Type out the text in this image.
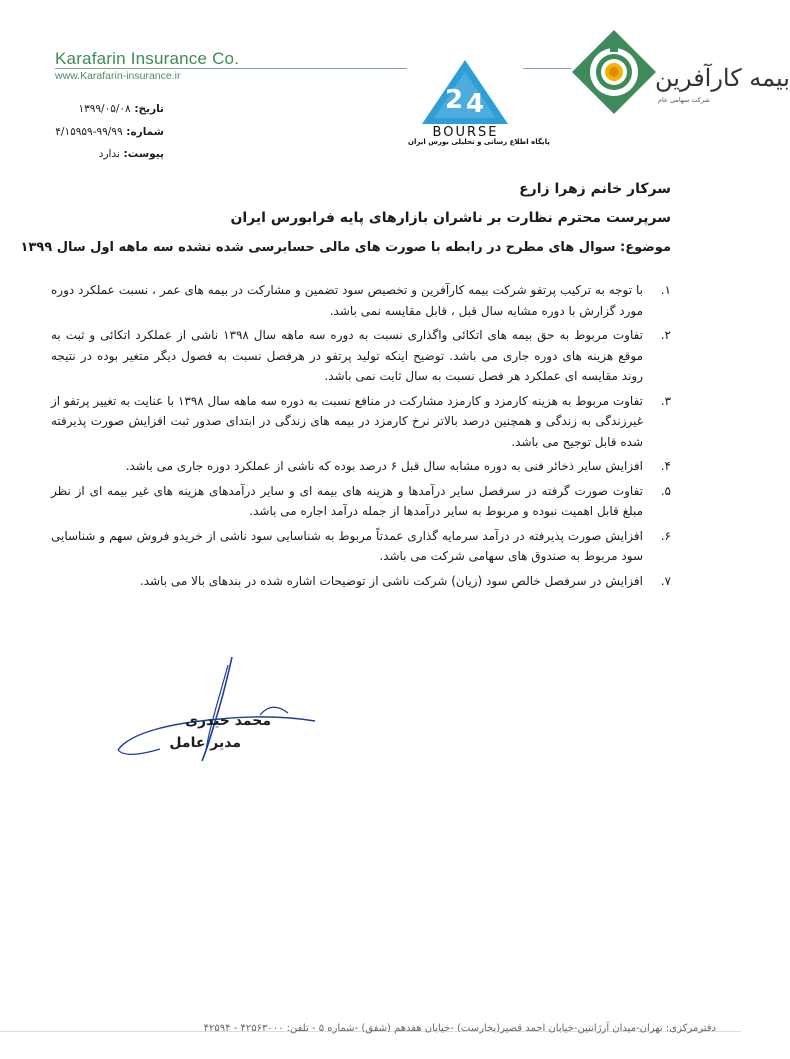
Karafarin Insurance Co.
www.Karafarin-insurance.ir
2 4
BOURSE
پایگاه اطلاع رسانی و تحلیلی بورس ایران
بیمه کارآفرین
شرکت سهامی عام
تاریخ: ۱۳۹۹/۰۵/۰۸
شماره: ۹۹/۹۹-۴/۱۵۹۵۹
پیوست: ندارد
سرکار خانم زهرا زارع
سرپرست محترم نظارت بر ناشران بازارهای پایه فرابورس ایران
موضوع: سوال های مطرح در رابطه با صورت های مالی حسابرسی شده نشده سه ماهه اول سال ۱۳۹۹
۱.
با توجه به ترکیب پرتفو شرکت بیمه کارآفرین و تخصیص سود تضمین و مشارکت در بیمه های عمر ، نسبت عملکرد دوره مورد گزارش با دوره مشابه سال قبل ، قابل مقایسه نمی باشد.
۲.
تفاوت مربوط به حق بیمه های اتکائی واگذاری نسبت به دوره سه ماهه سال ۱۳۹۸ ناشی از عملکرد اتکائی و ثبت به موقع هزینه های دوره جاری می باشد. توضیح اینکه تولید پرتفو در هرفصل نسبت به فصول دیگر متغیر بوده در نتیجه روند مقایسه ای عملکرد هر فصل نسبت به سال ثابت نمی باشد.
۳.
تفاوت مربوط به هزینه کارمزد و کارمزد مشارکت در منافع نسبت به دوره سه ماهه سال ۱۳۹۸ با عنایت به تغییر پرتفو از غیرزندگی به زندگی و همچنین درصد بالاتر نرخ کارمزد در بیمه های زندگی در ابتدای صدور ثبت افزایش صورت پذیرفته شده قابل توجیح می باشد.
۴.
افزایش سایر ذخائر فنی به دوره مشابه سال قبل ۶ درصد بوده که ناشی از عملکرد دوره جاری می باشد.
۵.
تفاوت صورت گرفته در سرفصل سایر درآمدها و هزینه های بیمه ای و سایر درآمدهای هزینه های غیر بیمه ای از نظر مبلغ قابل اهمیت نبوده و مربوط به سایر درآمدها از جمله درآمد اجاره می باشد.
۶.
افزایش صورت پذیرفته در درآمد سرمایه گذاری عمدتاً مربوط به شناسایی سود ناشی از خریدو فروش سهم و شناسایی سود مربوط به صندوق های سهامی شرکت می باشد.
۷.
افزایش در سرفصل خالص سود (زیان) شرکت ناشی از توضیحات اشاره شده در بندهای بالا می باشد.
محمد حیدری
مدیر عامل
دفترمرکزی: تهران-میدان آرژانتین-خیابان احمد قصیر(بخارست) -خیابان هفدهم (شفق) -شماره ۵ - تلفن: ۴۲۵۶۳۰۰۰ - ۴۲۵۹۴
